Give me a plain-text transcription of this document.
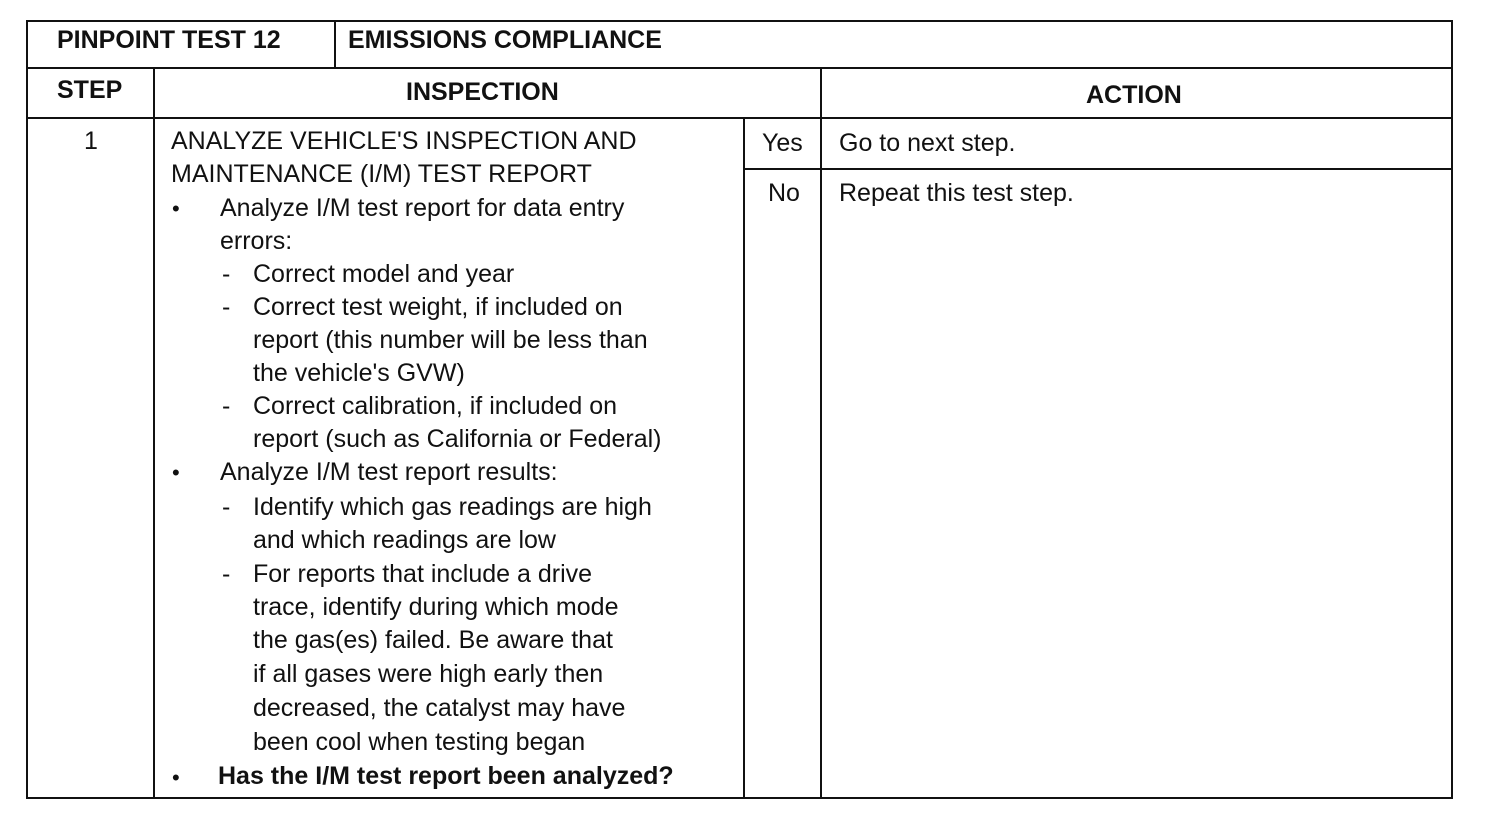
PINPOINT TEST 12	EMISSIONS COMPLIANCE
STEP	INSPECTION	ACTION
1	ANALYZE VEHICLE'S INSPECTION AND
MAINTENANCE (I/M) TEST REPORT
• Analyze I/M test report for data entry
errors:
- Correct model and year
- Correct test weight, if included on
report (this number will be less than
the vehicle's GVW)
- Correct calibration, if included on
report (such as California or Federal)
• Analyze I/M test report results:
- Identify which gas readings are high
and which readings are low
- For reports that include a drive
trace, identify during which mode
the gas(es) failed. Be aware that
if all gases were high early then
decreased, the catalyst may have
been cool when testing began
• Has the I/M test report been analyzed?
Yes Go to next step.
No Repeat this test step.
